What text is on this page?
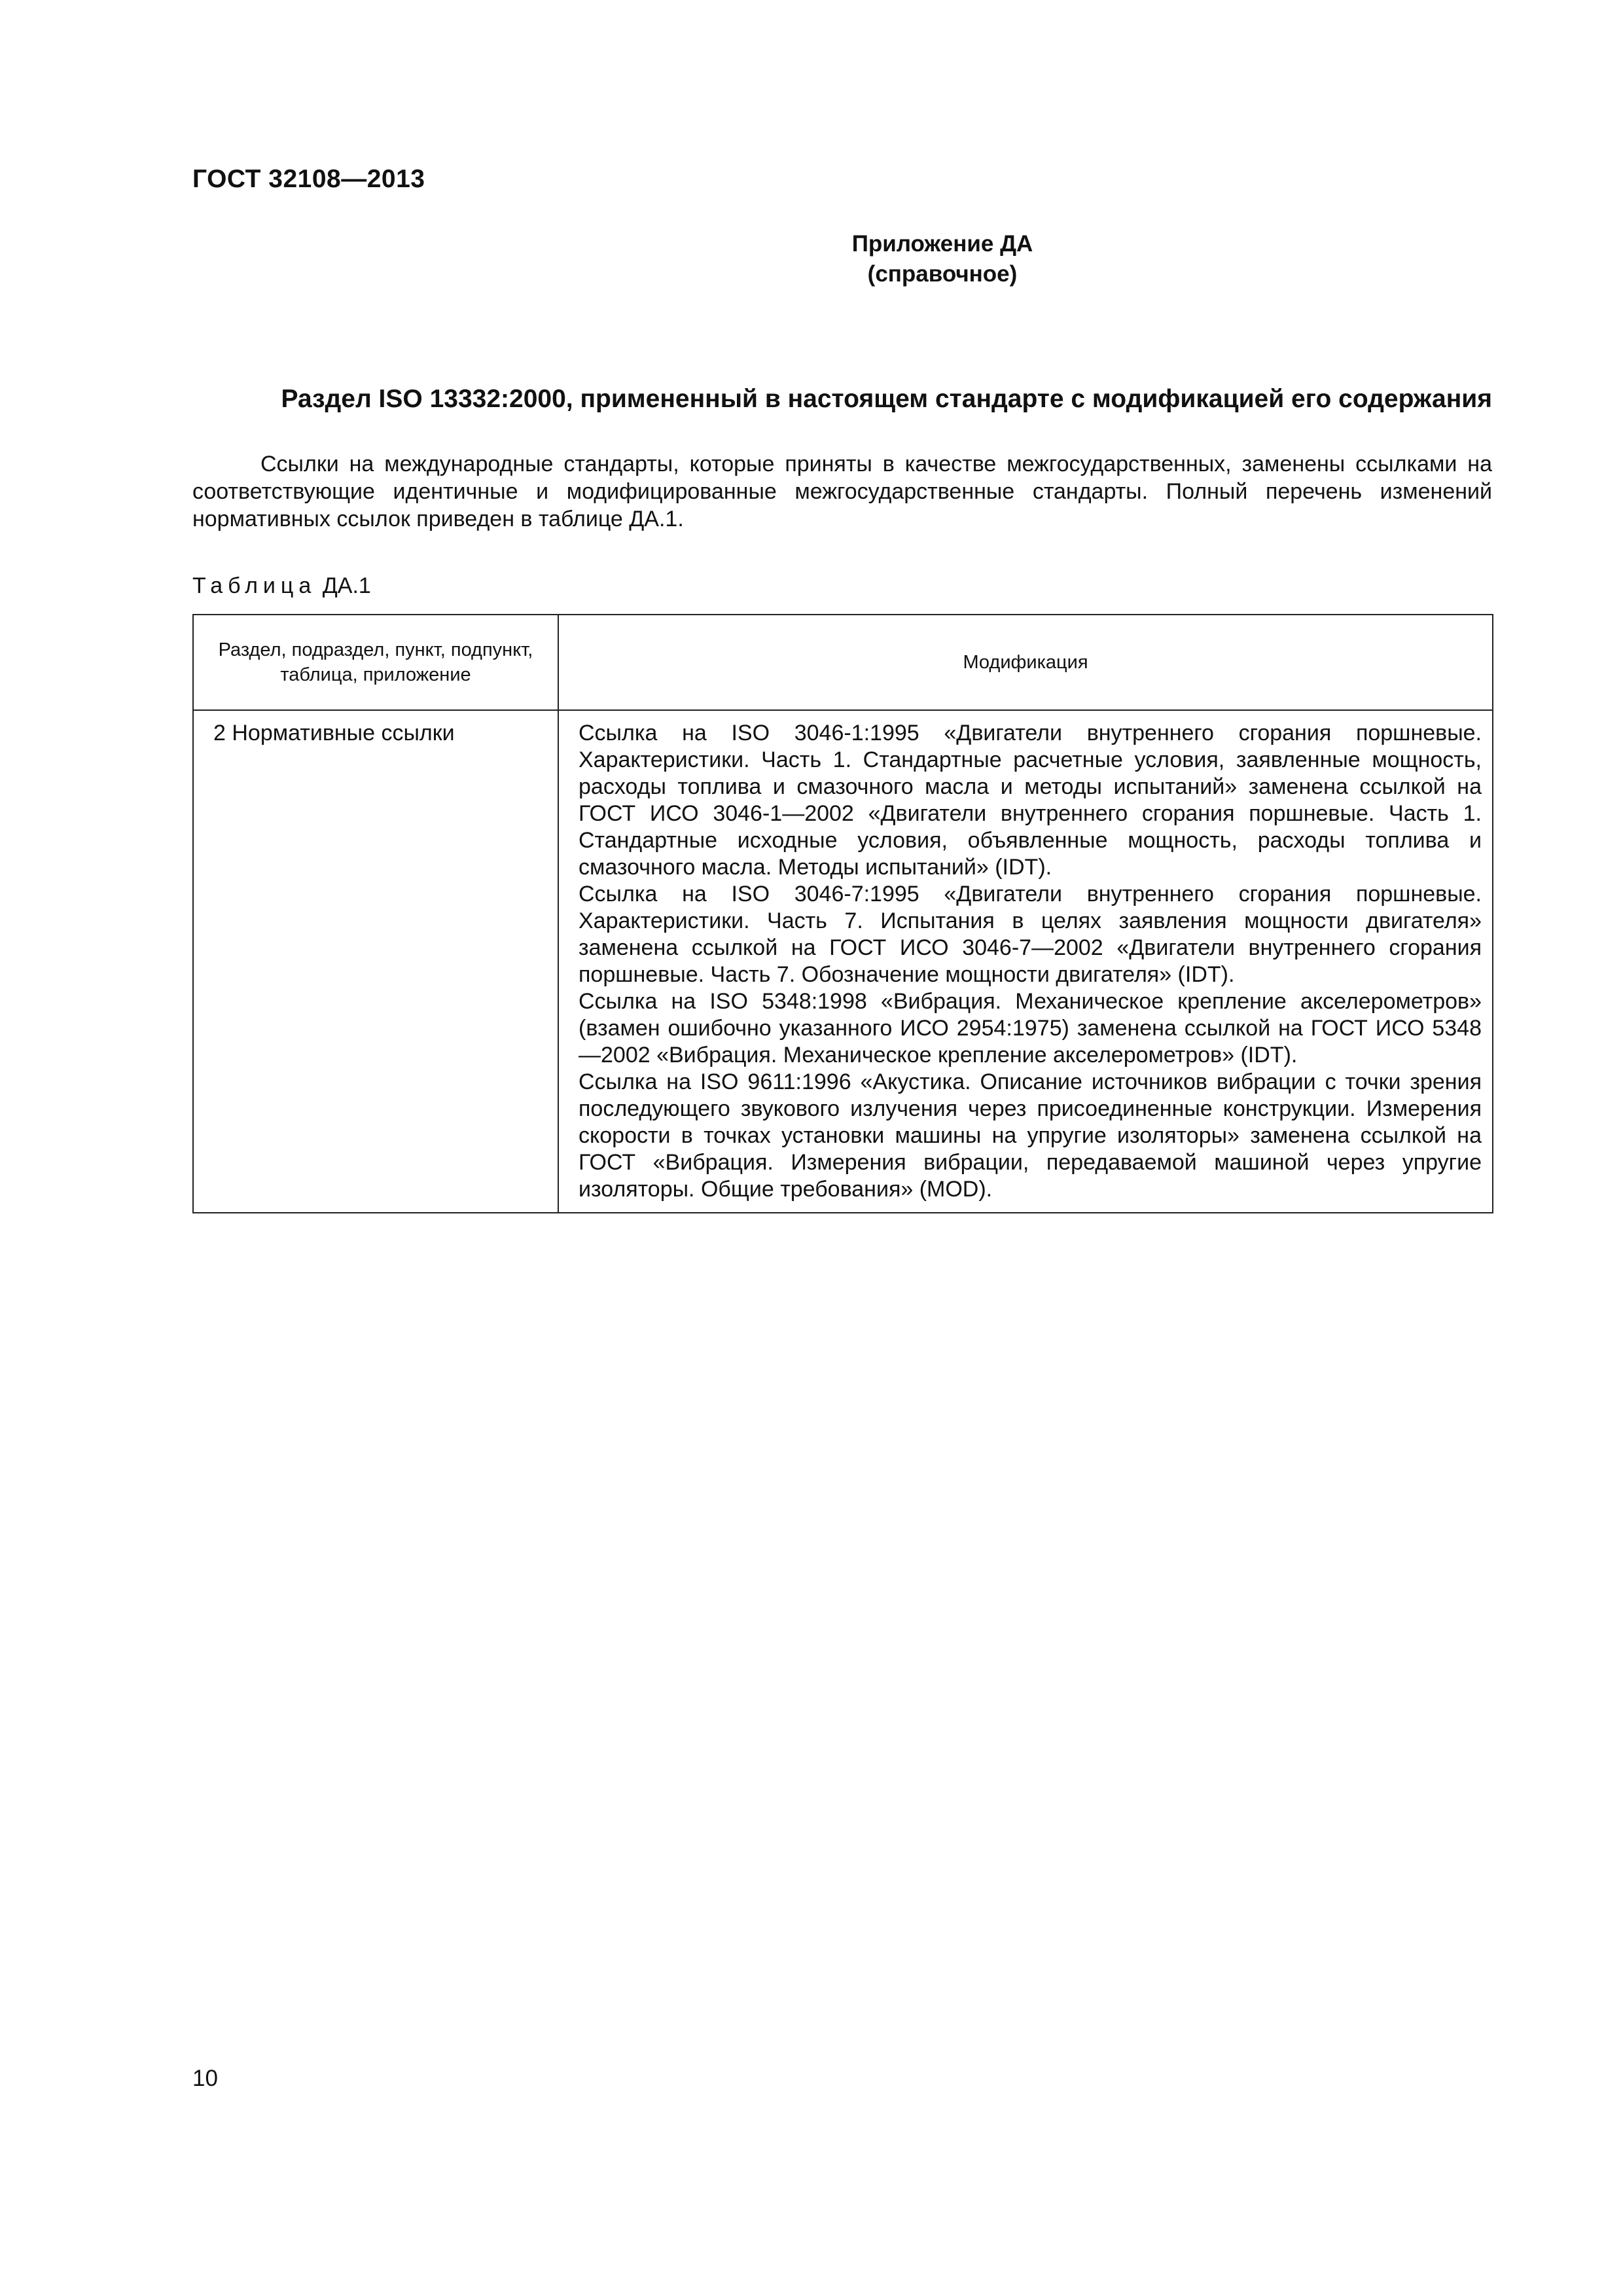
ГОСТ 32108—2013

Приложение ДА
(справочное)
Раздел ISO 13332:2000, примененный в настоящем стандарте с модификацией его содержания

Ссылки на международные стандарты, которые приняты в качестве межгосударственных, заменены ссылками на соответствующие идентичные и модифицированные межгосударственные стандарты. Полный перечень изменений нормативных ссылок приведен в таблице ДА.1.

Таблица ДА.1

Раздел, подраздел, пункт, подпункт, таблица, приложение	Модификация
2 Нормативные ссылки	Ссылка на ISO 3046-1:1995 «Двигатели внутреннего сгорания поршневые. Характеристики. Часть 1. Стандартные расчетные условия, заявленные мощность, расходы топлива и смазочного масла и методы испытаний» заменена ссылкой на ГОСТ ИСО 3046-1—2002 «Двигатели внутреннего сгорания поршневые. Часть 1. Стандартные исходные условия, объявленные мощность, расходы топлива и смазочного масла. Методы испытаний» (IDT).

Ссылка на ISO 3046-7:1995 «Двигатели внутреннего сгорания поршневые. Характеристики. Часть 7. Испытания в целях заявления мощности двигателя» заменена ссылкой на ГОСТ ИСО 3046-7—2002 «Двигатели внутреннего сгорания поршневые. Часть 7. Обозначение мощности двигателя» (IDT).

Ссылка на ISO 5348:1998 «Вибрация. Механическое крепление акселерометров» (взамен ошибочно указанного ИСО 2954:1975) заменена ссылкой на ГОСТ ИСО 5348—2002 «Вибрация. Механическое крепление акселерометров» (IDT).

Ссылка на ISO 9611:1996 «Акустика. Описание источников вибрации с точки зрения последующего звукового излучения через присоединенные конструкции. Измерения скорости в точках установки машины на упругие изоляторы» заменена ссылкой на ГОСТ «Вибрация. Измерения вибрации, передаваемой машиной через упругие изоляторы. Общие требования» (MOD).

10
